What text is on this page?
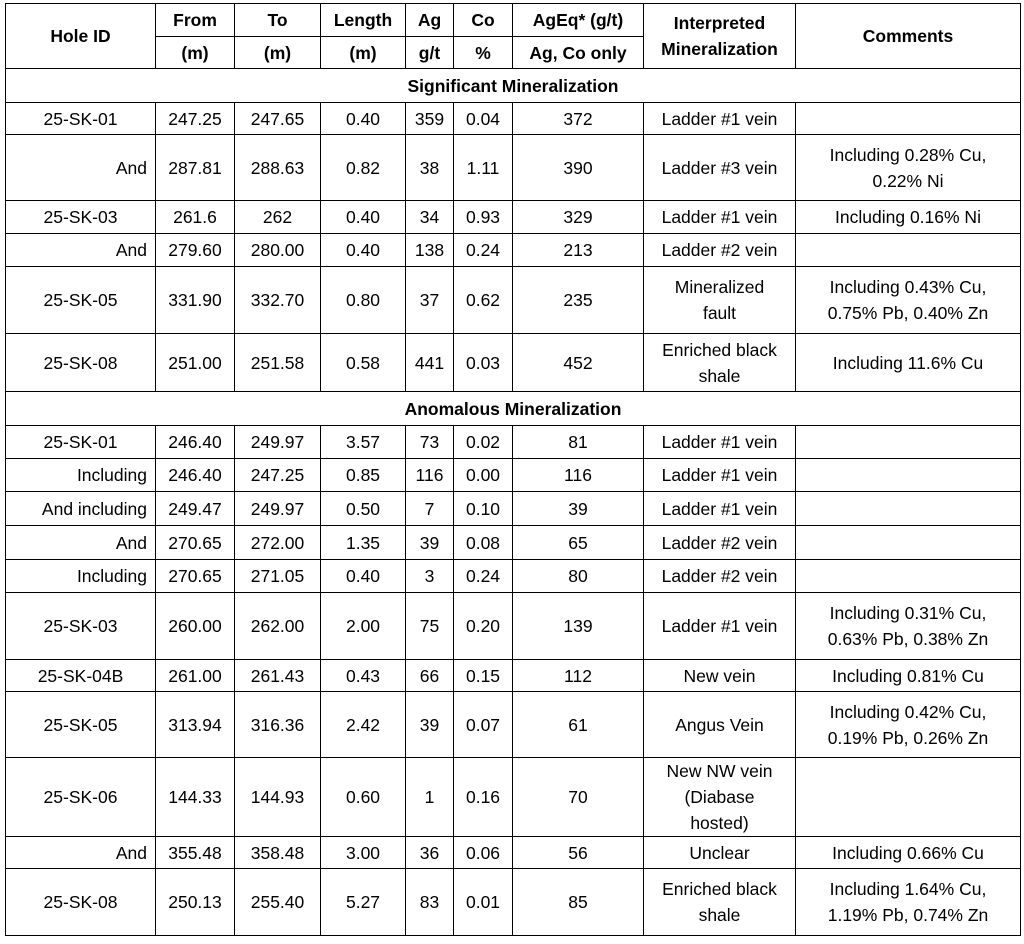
Hole ID	From	To	Length	Ag	Co	AgEq* (g/t)	Interpreted
Mineralization	Comments
	(m)	(m)	(m)	g/t	%	Ag, Co only		
Significant Mineralization								
25-SK-01	247.25	247.65	0.40	359	0.04	372	Ladder #1 vein	
And	287.81	288.63	0.82	38	1.11	390	Ladder #3 vein	Including 0.28% Cu,
0.22% Ni
25-SK-03	261.6	262	0.40	34	0.93	329	Ladder #1 vein	Including 0.16% Ni
And	279.60	280.00	0.40	138	0.24	213	Ladder #2 vein	
25-SK-05	331.90	332.70	0.80	37	0.62	235	Mineralized
fault	Including 0.43% Cu,
0.75% Pb, 0.40% Zn
25-SK-08	251.00	251.58	0.58	441	0.03	452	Enriched black
shale	Including 11.6% Cu
Anomalous Mineralization								
25-SK-01	246.40	249.97	3.57	73	0.02	81	Ladder #1 vein	
Including	246.40	247.25	0.85	116	0.00	116	Ladder #1 vein	
And including	249.47	249.97	0.50	7	0.10	39	Ladder #1 vein	
And	270.65	272.00	1.35	39	0.08	65	Ladder #2 vein	
Including	270.65	271.05	0.40	3	0.24	80	Ladder #2 vein	
25-SK-03	260.00	262.00	2.00	75	0.20	139	Ladder #1 vein	Including 0.31% Cu,
0.63% Pb, 0.38% Zn
25-SK-04B	261.00	261.43	0.43	66	0.15	112	New vein	Including 0.81% Cu
25-SK-05	313.94	316.36	2.42	39	0.07	61	Angus Vein	Including 0.42% Cu,
0.19% Pb, 0.26% Zn
25-SK-06	144.33	144.93	0.60	1	0.16	70	New NW vein
(Diabase
hosted)	
And	355.48	358.48	3.00	36	0.06	56	Unclear	Including 0.66% Cu
25-SK-08	250.13	255.40	5.27	83	0.01	85	Enriched black
shale	Including 1.64% Cu,
1.19% Pb, 0.74% Zn
